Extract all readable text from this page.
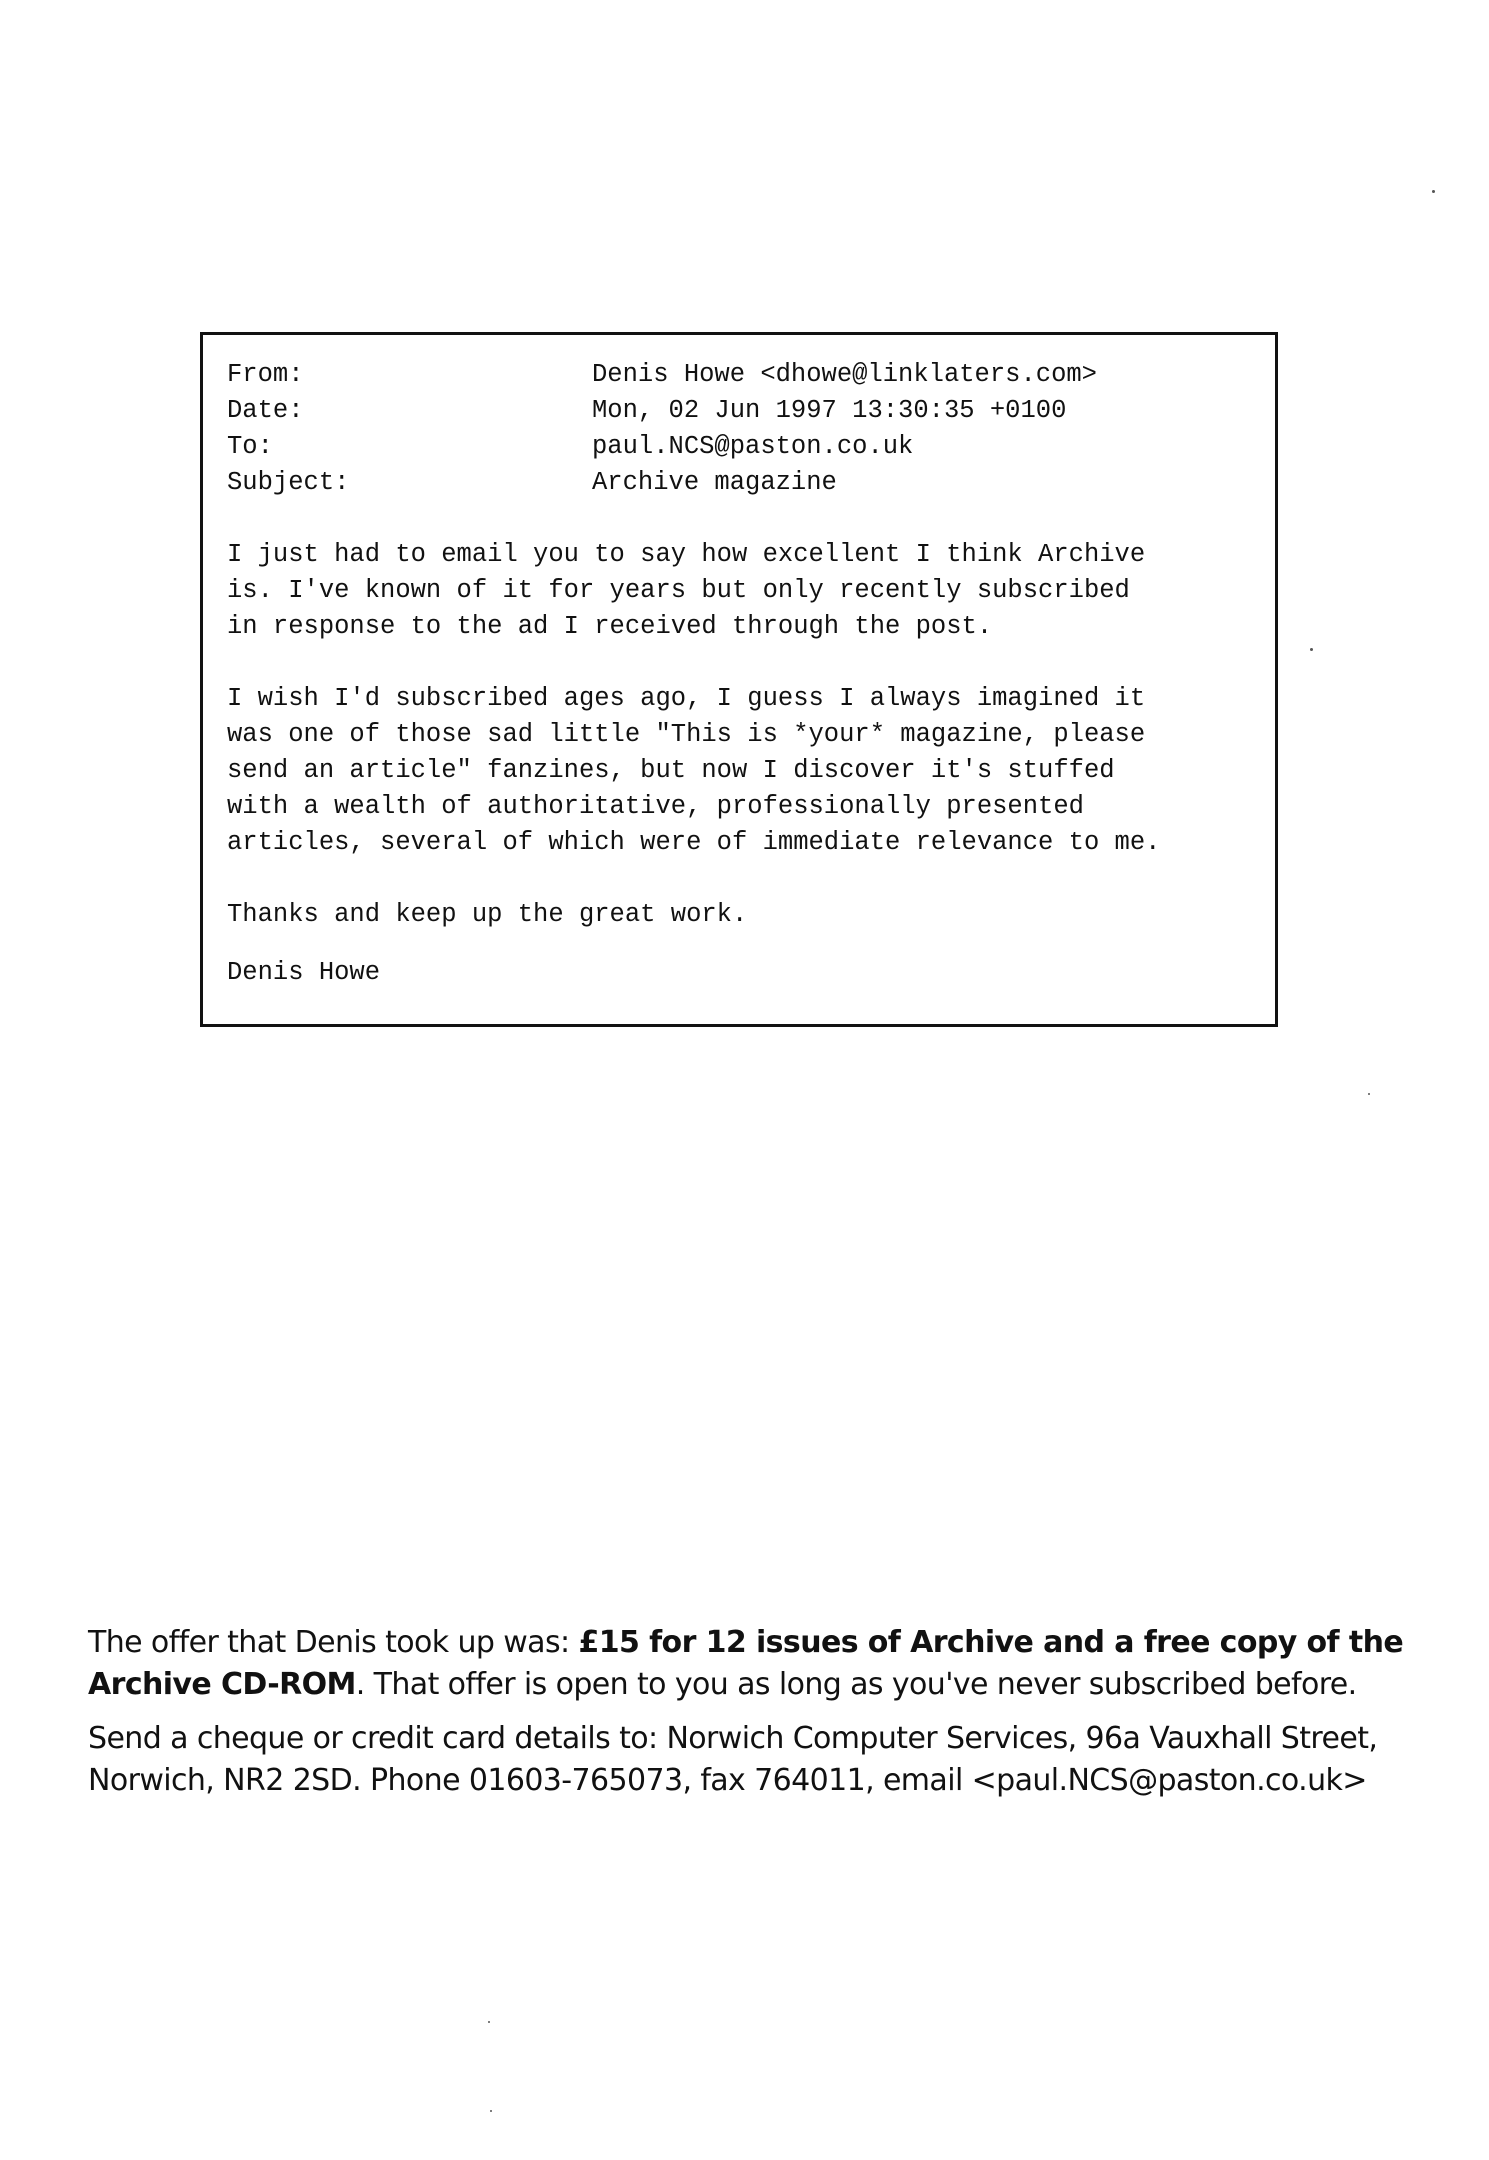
From:	Denis Howe <dhowe@linklaters.com>
Date:	Mon, 02 Jun 1997 13:30:35 +0100
To:	paul.NCS@paston.co.uk
Subject:	Archive magazine
I just had to email you to say how excellent I think Archive
is. I've known of it for years but only recently subscribed
in response to the ad I received through the post.
I wish I'd subscribed ages ago, I guess I always imagined it
was one of those sad little "This is *your* magazine, please
send an article" fanzines, but now I discover it's stuffed
with a wealth of authoritative, professionally presented
articles, several of which were of immediate relevance to me.
Thanks and keep up the great work.
Denis Howe

The offer that Denis took up was: £15 for 12 issues of Archive and a free copy of the Archive CD-ROM. That offer is open to you as long as you've never subscribed before.

Send a cheque or credit card details to: Norwich Computer Services, 96a Vauxhall Street, Norwich, NR2 2SD. Phone 01603-765073, fax 764011, email <paul.NCS@paston.co.uk>
